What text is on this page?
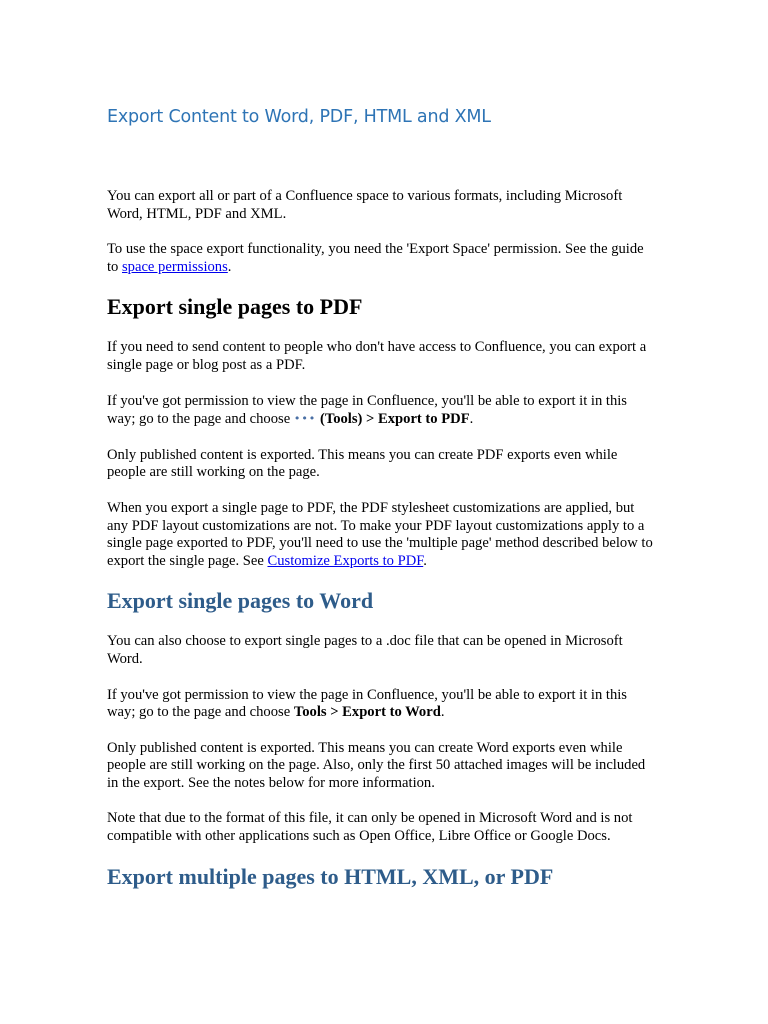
Export Content to Word, PDF, HTML and XML

You can export all or part of a Confluence space to various formats, including Microsoft Word, HTML, PDF and XML.

To use the space export functionality, you need the 'Export Space' permission. See the guide to space permissions.

Export single pages to PDF

If you need to send content to people who don't have access to Confluence, you can export a single page or blog post as a PDF.

If you've got permission to view the page in Confluence, you'll be able to export it in this way; go to the page and choose ••• (Tools) > Export to PDF.

Only published content is exported. This means you can create PDF exports even while people are still working on the page.

When you export a single page to PDF, the PDF stylesheet customizations are applied, but any PDF layout customizations are not. To make your PDF layout customizations apply to a single page exported to PDF, you'll need to use the 'multiple page' method described below to export the single page. See Customize Exports to PDF.

Export single pages to Word

You can also choose to export single pages to a .doc file that can be opened in Microsoft Word.

If you've got permission to view the page in Confluence, you'll be able to export it in this way; go to the page and choose Tools > Export to Word.

Only published content is exported. This means you can create Word exports even while people are still working on the page. Also, only the first 50 attached images will be included in the export. See the notes below for more information.

Note that due to the format of this file, it can only be opened in Microsoft Word and is not compatible with other applications such as Open Office, Libre Office or Google Docs.

Export multiple pages to HTML, XML, or PDF
